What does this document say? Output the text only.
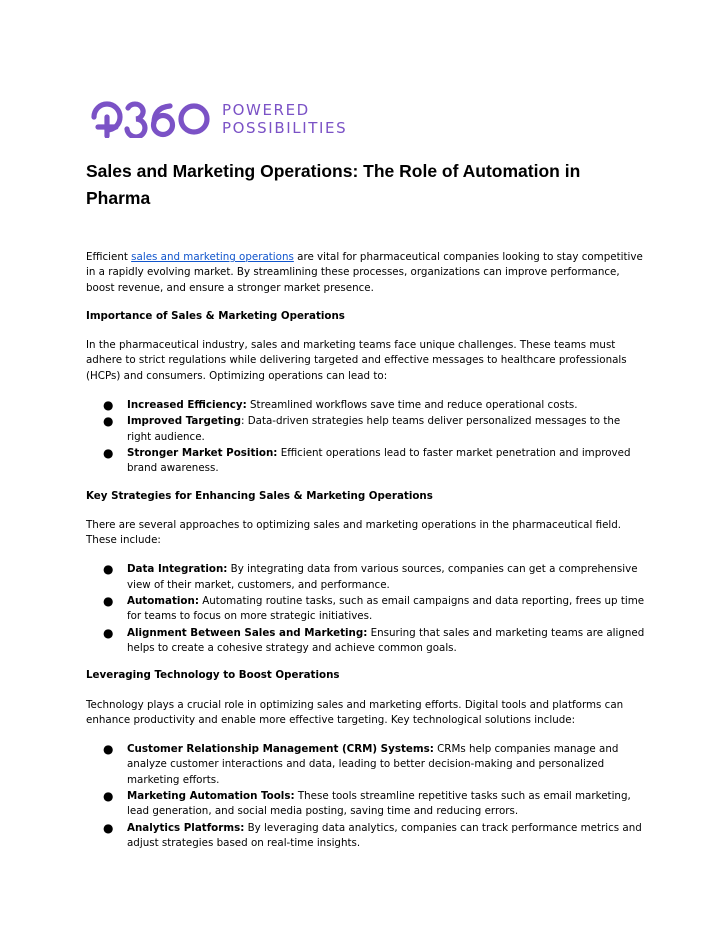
POWERED
POSSIBILITIES
Sales and Marketing Operations: The Role of Automation in Pharma

Efficient sales and marketing operations are vital for pharmaceutical companies looking to stay competitive in a rapidly evolving market. By streamlining these processes, organizations can improve performance, boost revenue, and ensure a stronger market presence.

Importance of Sales & Marketing Operations

In the pharmaceutical industry, sales and marketing teams face unique challenges. These teams must adhere to strict regulations while delivering targeted and effective messages to healthcare professionals (HCPs) and consumers. Optimizing operations can lead to:

● Increased Efficiency: Streamlined workflows save time and reduce operational costs.
● Improved Targeting: Data-driven strategies help teams deliver personalized messages to the right audience.
● Stronger Market Position: Efficient operations lead to faster market penetration and improved brand awareness.
Key Strategies for Enhancing Sales & Marketing Operations

There are several approaches to optimizing sales and marketing operations in the pharmaceutical field. These include:

● Data Integration: By integrating data from various sources, companies can get a comprehensive view of their market, customers, and performance.
● Automation: Automating routine tasks, such as email campaigns and data reporting, frees up time for teams to focus on more strategic initiatives.
● Alignment Between Sales and Marketing: Ensuring that sales and marketing teams are aligned helps to create a cohesive strategy and achieve common goals.
Leveraging Technology to Boost Operations

Technology plays a crucial role in optimizing sales and marketing efforts. Digital tools and platforms can enhance productivity and enable more effective targeting. Key technological solutions include:

● Customer Relationship Management (CRM) Systems: CRMs help companies manage and analyze customer interactions and data, leading to better decision-making and personalized marketing efforts.
● Marketing Automation Tools: These tools streamline repetitive tasks such as email marketing, lead generation, and social media posting, saving time and reducing errors.
● Analytics Platforms: By leveraging data analytics, companies can track performance metrics and adjust strategies based on real-time insights.
